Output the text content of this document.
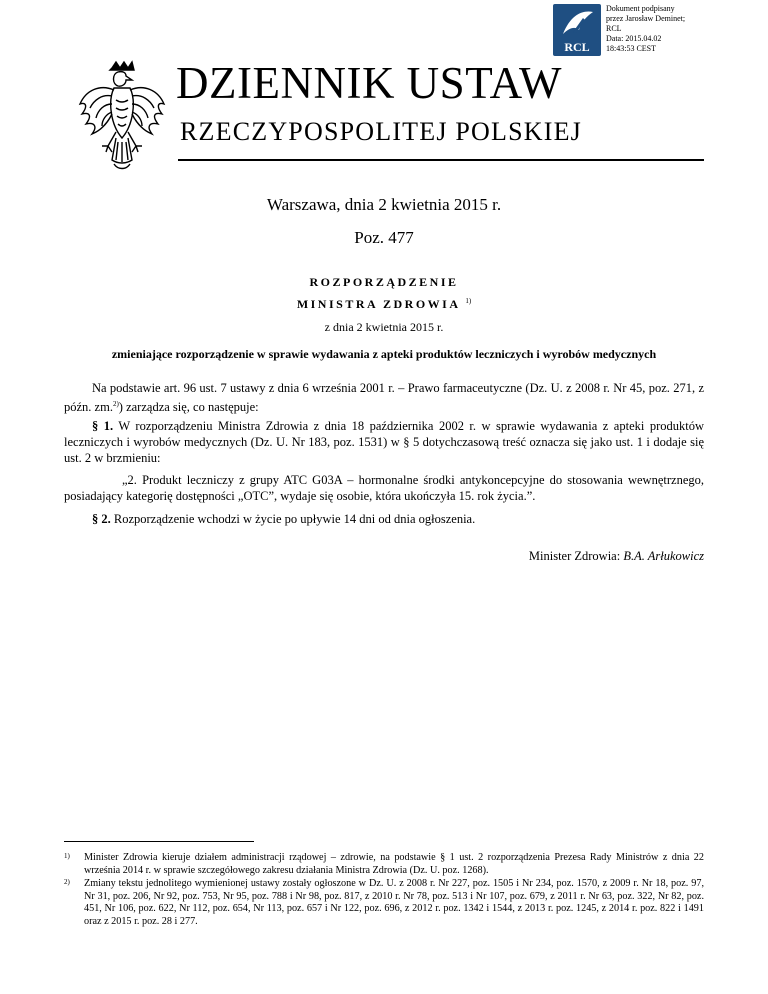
RCL
Dokument podpisany
przez Jarosław Deminet;
RCL
Data: 2015.04.02
18:43:53 CEST
DZIENNIK USTAW
RZECZYPOSPOLITEJ POLSKIEJ
Warszawa, dnia 2 kwietnia 2015 r.
Poz. 477
ROZPORZĄDZENIE
MINISTRA ZDROWIA $^{1)}$
z dnia 2 kwietnia 2015 r.
zmieniające rozporządzenie w sprawie wydawania z apteki produktów leczniczych i wyrobów medycznych
Na podstawie art. 96 ust. 7 ustawy z dnia 6 września 2001 r. – Prawo farmaceutyczne (Dz. U. z 2008 r. Nr 45, poz. 271, z późn. zm.$^{2)}$) zarządza się, co następuje:
§ 1. W rozporządzeniu Ministra Zdrowia z dnia 18 października 2002 r. w sprawie wydawania z apteki produktów leczniczych i wyrobów medycznych (Dz. U. Nr 183, poz. 1531) w § 5 dotychczasową treść oznacza się jako ust. 1 i dodaje się ust. 2 w brzmieniu:
„2. Produkt leczniczy z grupy ATC G03A – hormonalne środki antykoncepcyjne do stosowania wewnętrznego, posiadający kategorię dostępności „OTC”, wydaje się osobie, która ukończyła 15. rok życia.”.
§ 2. Rozporządzenie wchodzi w życie po upływie 14 dni od dnia ogłoszenia.
Minister Zdrowia: B.A. Arłukowicz
1) Minister Zdrowia kieruje działem administracji rządowej – zdrowie, na podstawie § 1 ust. 2 rozporządzenia Prezesa Rady Ministrów z dnia 22 września 2014 r. w sprawie szczegółowego zakresu działania Ministra Zdrowia (Dz. U. poz. 1268).
2) Zmiany tekstu jednolitego wymienionej ustawy zostały ogłoszone w Dz. U. z 2008 r. Nr 227, poz. 1505 i Nr 234, poz. 1570, z 2009 r. Nr 18, poz. 97, Nr 31, poz. 206, Nr 92, poz. 753, Nr 95, poz. 788 i Nr 98, poz. 817, z 2010 r. Nr 78, poz. 513 i Nr 107, poz. 679, z 2011 r. Nr 63, poz. 322, Nr 82, poz. 451, Nr 106, poz. 622, Nr 112, poz. 654, Nr 113, poz. 657 i Nr 122, poz. 696, z 2012 r. poz. 1342 i 1544, z 2013 r. poz. 1245, z 2014 r. poz. 822 i 1491 oraz z 2015 r. poz. 28 i 277.
